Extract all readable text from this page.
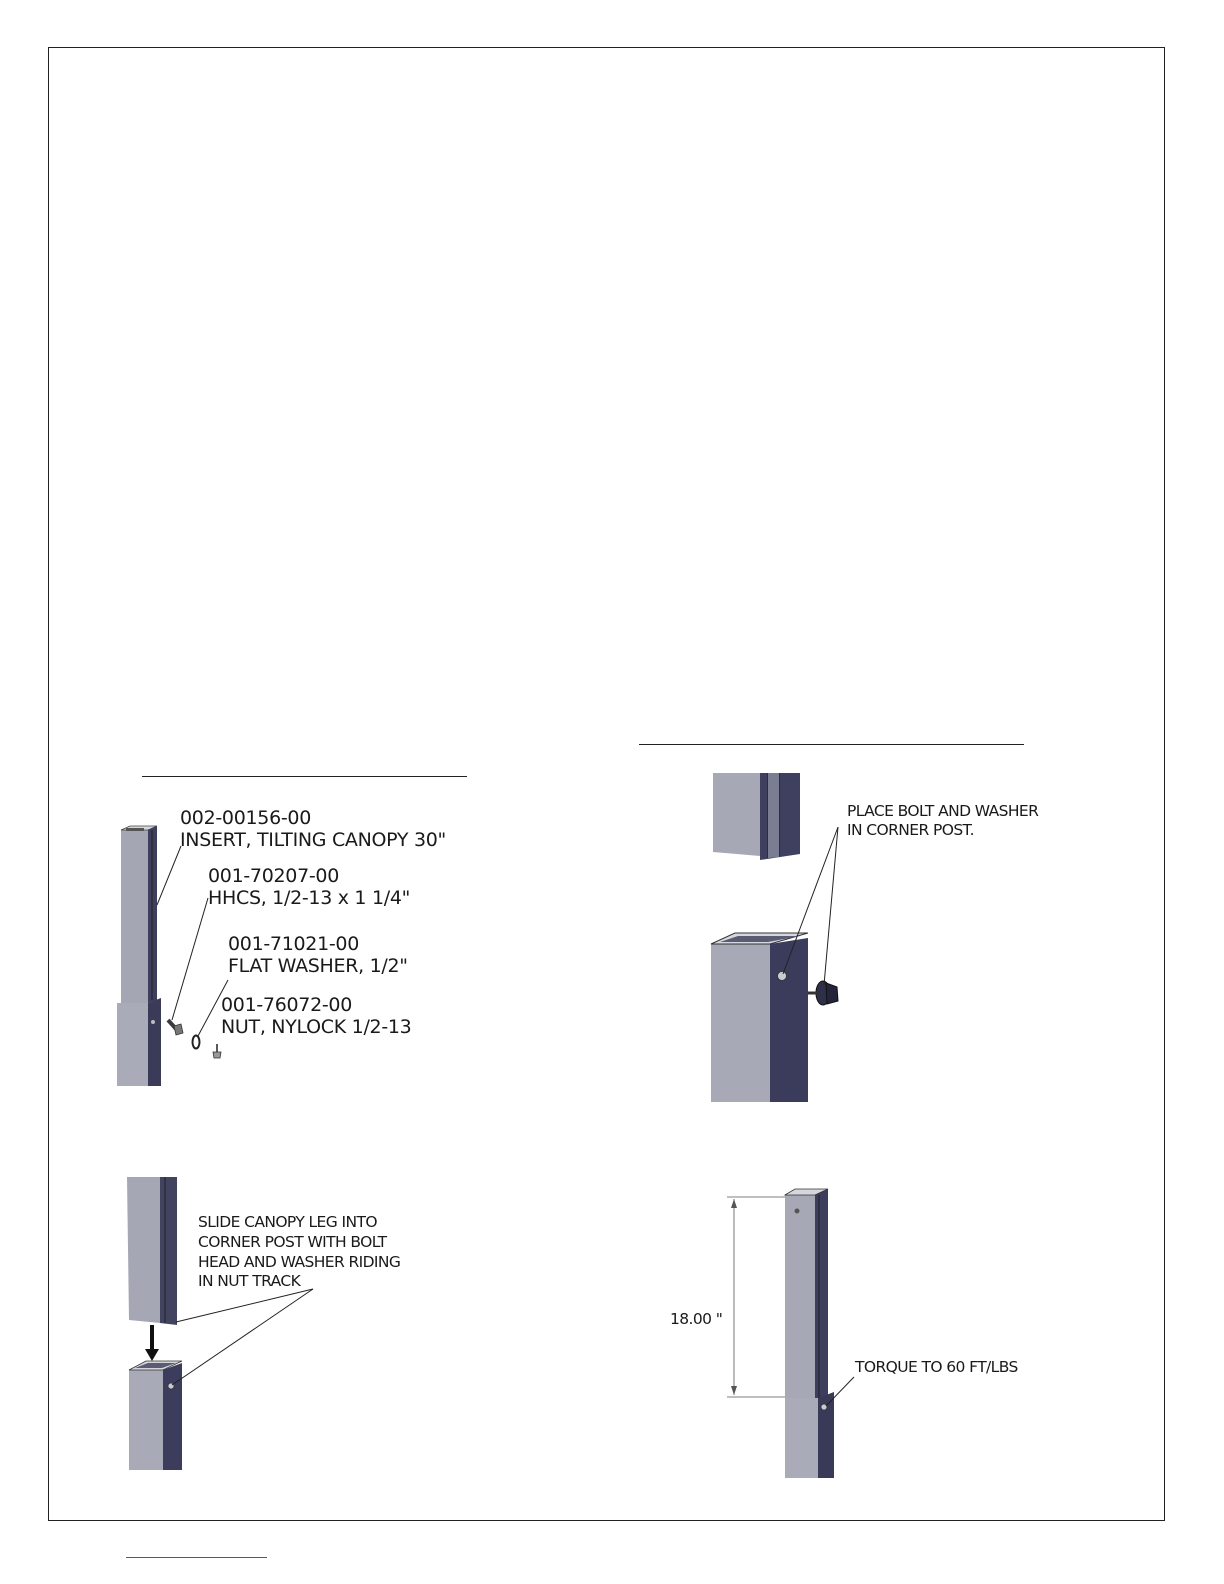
002-00156-00
INSERT, TILTING CANOPY 30"
001-70207-00
HHCS, 1/2-13 x 1 1/4"
001-71021-00
FLAT WASHER, 1/2"
001-76072-00
NUT, NYLOCK 1/2-13
PLACE BOLT AND WASHER
IN CORNER POST.
SLIDE CANOPY LEG INTO
CORNER POST WITH BOLT
HEAD AND WASHER RIDING
IN NUT TRACK
18.00 "
TORQUE TO 60 FT/LBS
